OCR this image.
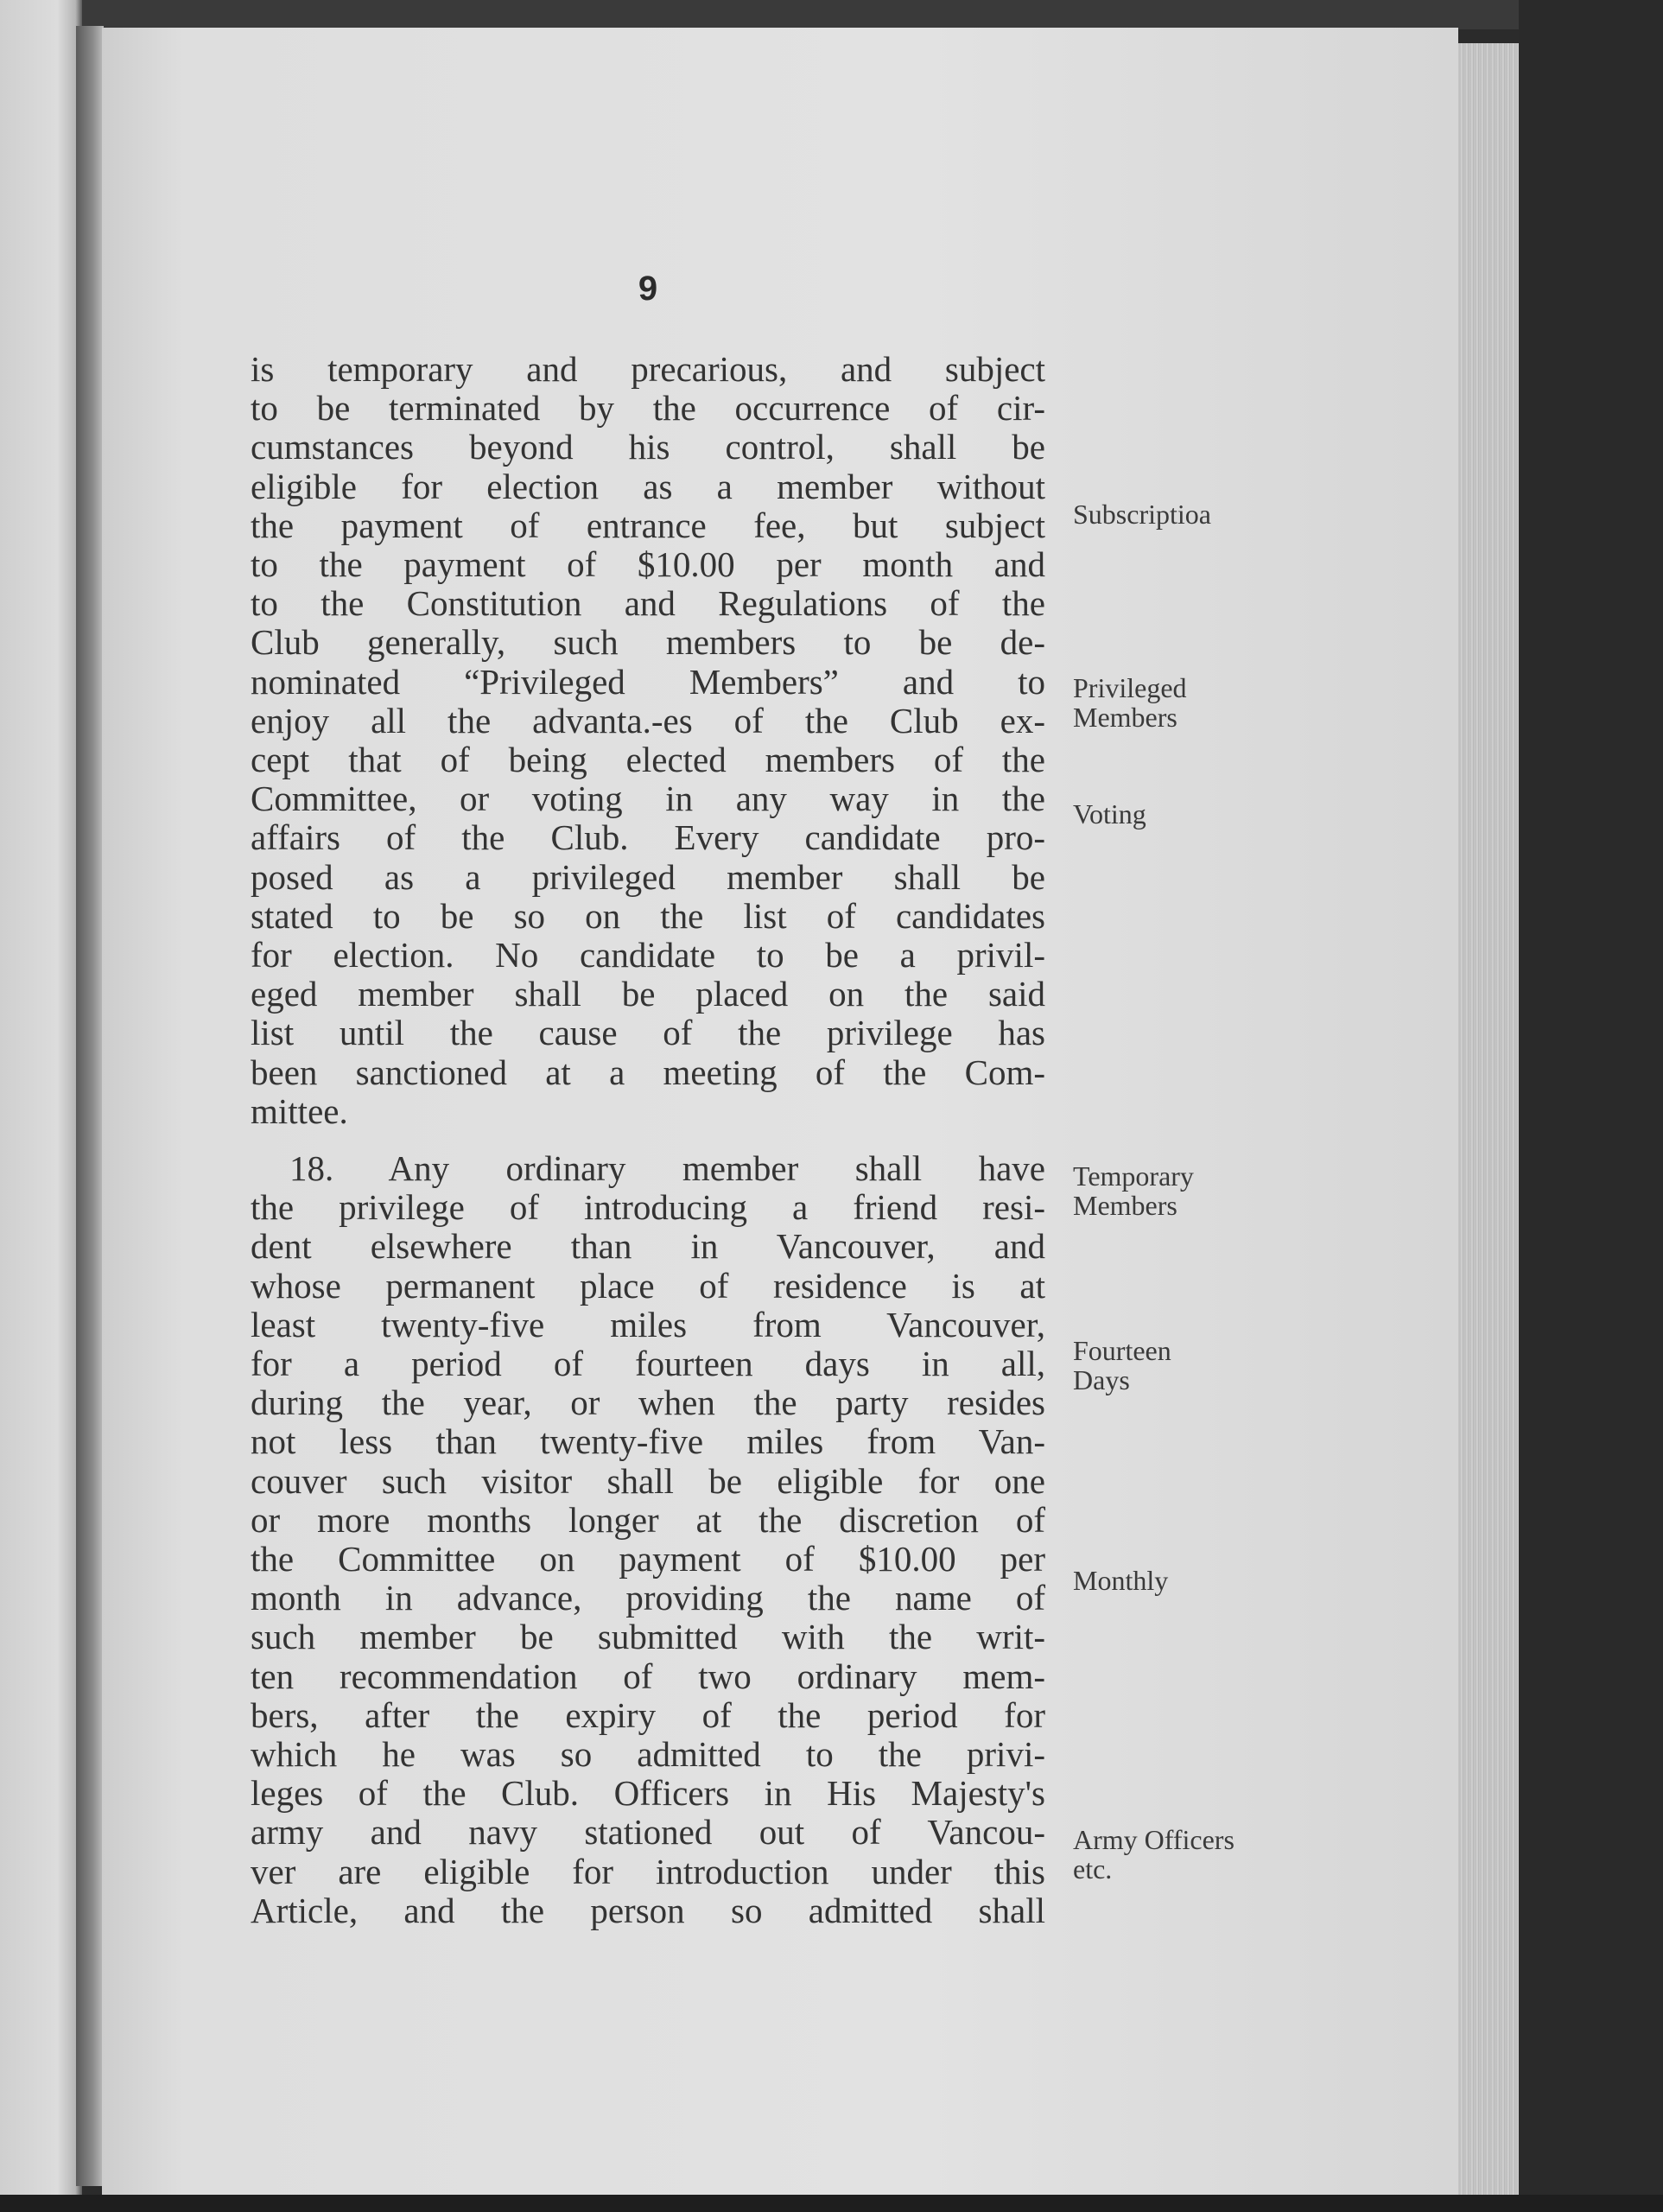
9
is temporary and precarious, and subject
to be terminated by the occurrence of cir-
cumstances beyond his control, shall be
eligible for election as a member without
the payment of entrance fee, but subject
to the payment of $10.00 per month and
to the Constitution and Regulations of the
Club generally, such members to be de-
nominated “Privileged Members” and to
enjoy all the advanta.-es of the Club ex-
cept that of being elected members of the
Committee, or voting in any way in the
affairs of the Club. Every candidate pro-
posed as a privileged member shall be
stated to be so on the list of candidates
for election. No candidate to be a privil-
eged member shall be placed on the said
list until the cause of the privilege has
been sanctioned at a meeting of the Com-
mittee.
18. Any ordinary member shall have
the privilege of introducing a friend resi-
dent elsewhere than in Vancouver, and
whose permanent place of residence is at
least twenty-five miles from Vancouver,
for a period of fourteen days in all,
during the year, or when the party resides
not less than twenty-five miles from Van-
couver such visitor shall be eligible for one
or more months longer at the discretion of
the Committee on payment of $10.00 per
month in advance, providing the name of
such member be submitted with the writ-
ten recommendation of two ordinary mem-
bers, after the expiry of the period for
which he was so admitted to the privi-
leges of the Club. Officers in His Majesty's
army and navy stationed out of Vancou-
ver are eligible for introduction under this
Article, and the person so admitted shall
Subscriptioa
Privileged
Members
Voting
Temporary
Members
Fourteen
Days
Monthly
Army Officers
etc.
